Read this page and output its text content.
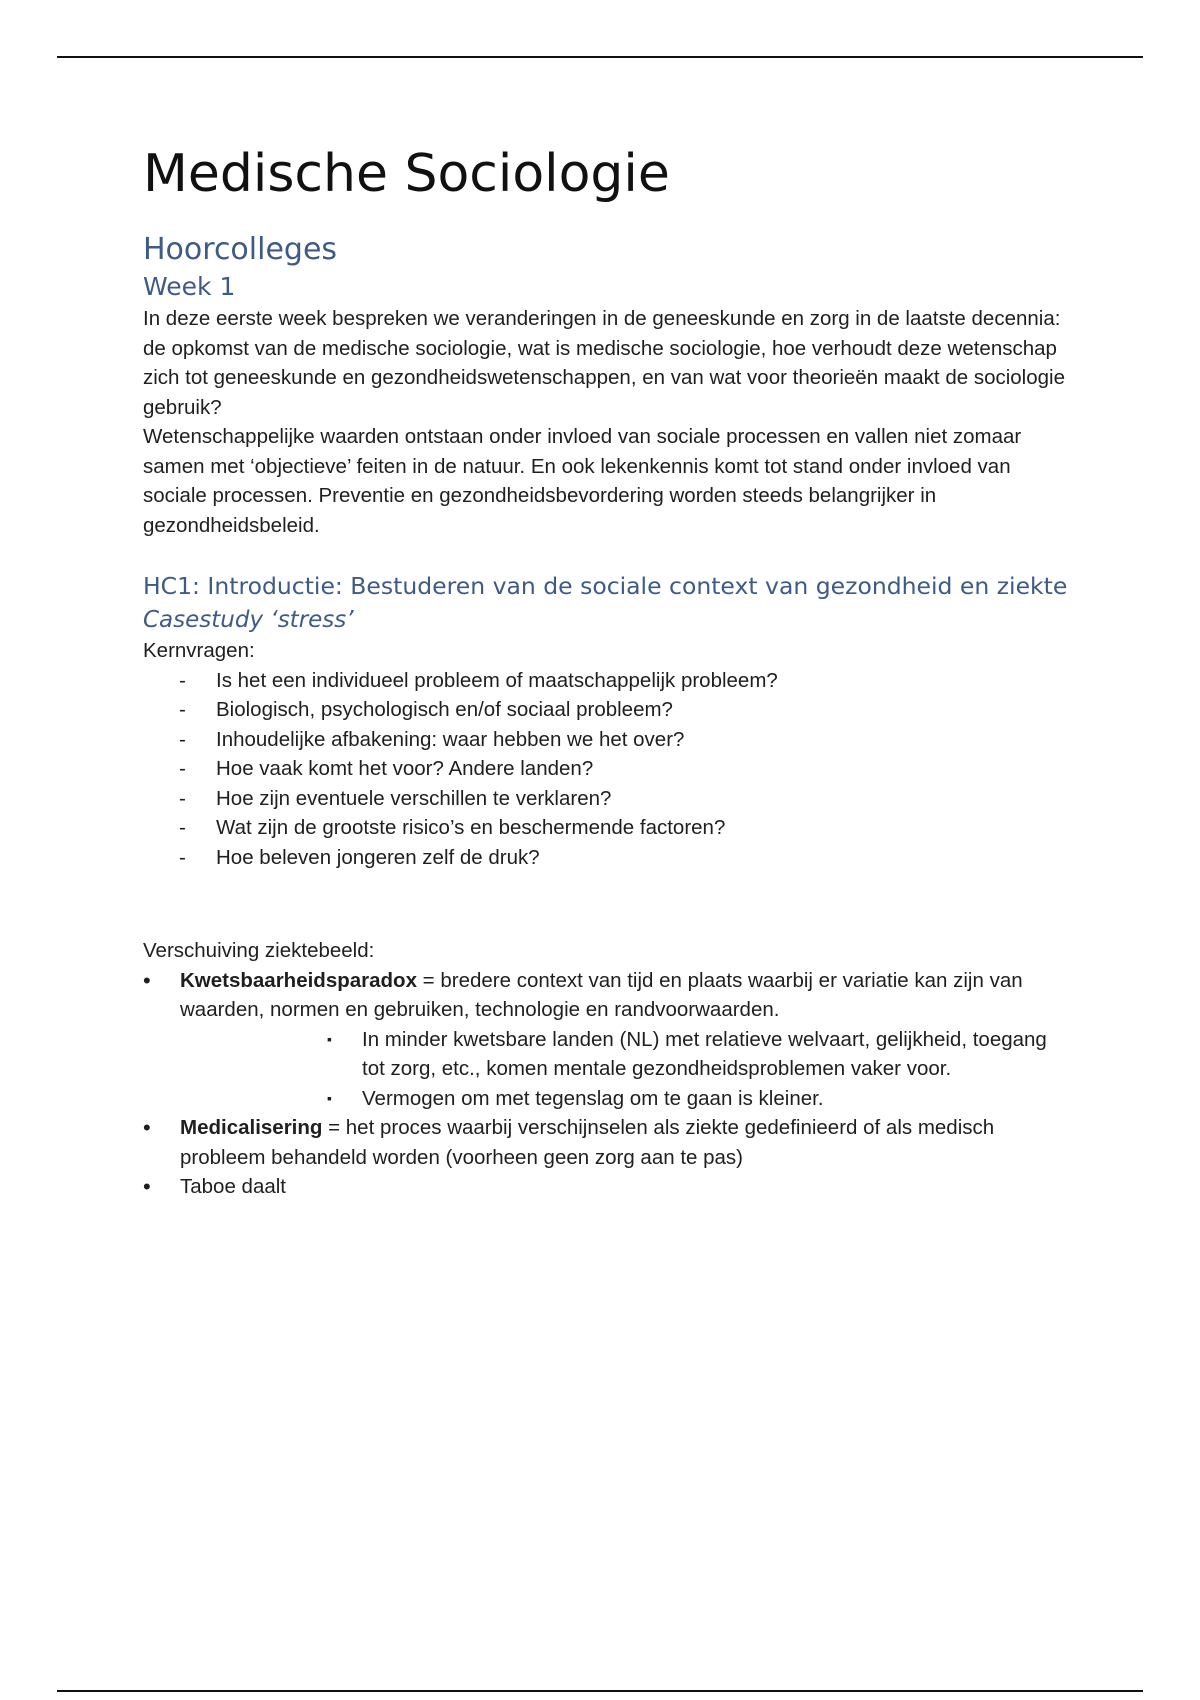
Medische Sociologie
Hoorcolleges
Week 1

In deze eerste week bespreken we veranderingen in de geneeskunde en zorg in de laatste decennia: de opkomst van de medische sociologie, wat is medische sociologie, hoe verhoudt deze wetenschap zich tot geneeskunde en gezondheidswetenschappen, en van wat voor theorieën maakt de sociologie gebruik?

Wetenschappelijke waarden ontstaan onder invloed van sociale processen en vallen niet zomaar samen met ‘objectieve’ feiten in de natuur. En ook lekenkennis komt tot stand onder invloed van sociale processen. Preventie en gezondheidsbevordering worden steeds belangrijker in gezondheidsbeleid.

HC1: Introductie: Bestuderen van de sociale context van gezondheid en ziekte
Casestudy ‘stress’

Kernvragen:

- Is het een individueel probleem of maatschappelijk probleem?
- Biologisch, psychologisch en/of sociaal probleem?
- Inhoudelijke afbakening: waar hebben we het over?
- Hoe vaak komt het voor? Andere landen?
- Hoe zijn eventuele verschillen te verklaren?
- Wat zijn de grootste risico’s en beschermende factoren?
- Hoe beleven jongeren zelf de druk?

Verschuiving ziektebeeld:

• Kwetsbaarheidsparadox = bredere context van tijd en plaats waarbij er variatie kan zijn van waarden, normen en gebruiken, technologie en randvoorwaarden.
▪ In minder kwetsbare landen (NL) met relatieve welvaart, gelijkheid, toegang tot zorg, etc., komen mentale gezondheidsproblemen vaker voor.
▪ Vermogen om met tegenslag om te gaan is kleiner.
• Medicalisering = het proces waarbij verschijnselen als ziekte gedefinieerd of als medisch probleem behandeld worden (voorheen geen zorg aan te pas)
• Taboe daalt
